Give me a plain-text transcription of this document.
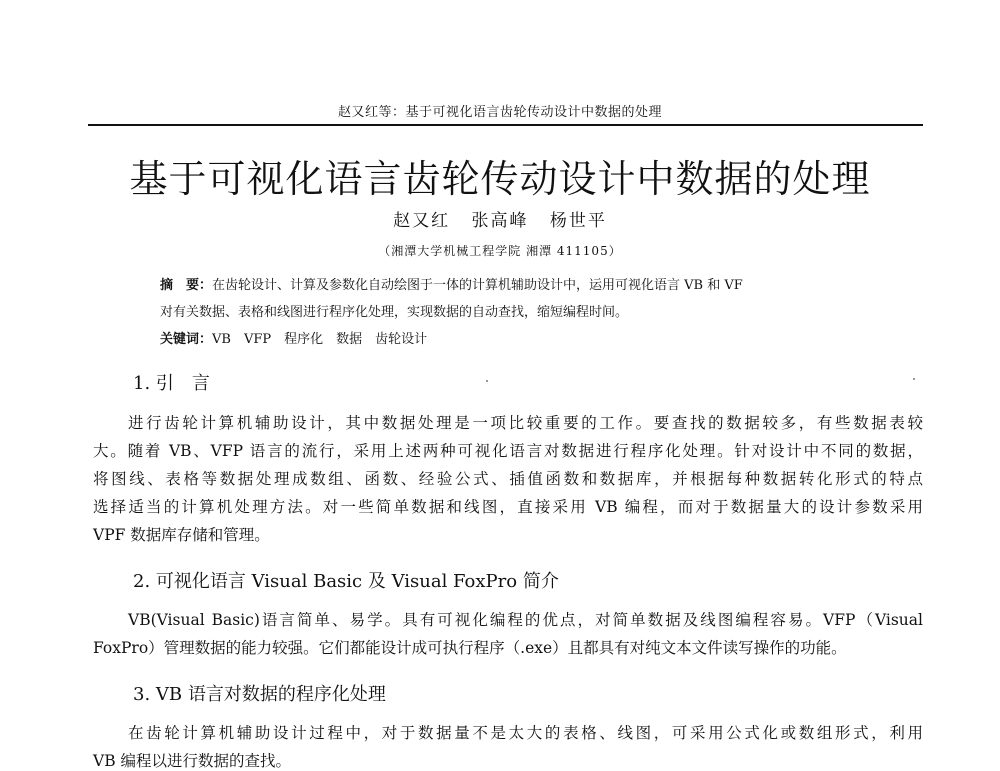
赵又红等：基于可视化语言齿轮传动设计中数据的处理
基于可视化语言齿轮传动设计中数据的处理
赵又红 张高峰 杨世平
（湘潭大学机械工程学院 湘潭 411105）
摘　要：在齿轮设计、计算及参数化自动绘图于一体的计算机辅助设计中，运用可视化语言 VB 和 VF
对有关数据、表格和线图进行程序化处理，实现数据的自动查找，缩短编程时间。
关键词：VB　VFP　程序化　数据　齿轮设计
1. 引　言
进行齿轮计算机辅助设计，其中数据处理是一项比较重要的工作。要查找的数据较多，有些数据表较
大。随着 VB、VFP 语言的流行，采用上述两种可视化语言对数据进行程序化处理。针对设计中不同的数据，
将图线、表格等数据处理成数组、函数、经验公式、插值函数和数据库，并根据每种数据转化形式的特点
选择适当的计算机处理方法。对一些简单数据和线图，直接采用 VB 编程，而对于数据量大的设计参数采用
VPF 数据库存储和管理。
2. 可视化语言 Visual Basic 及 Visual FoxPro 简介
VB(Visual Basic)语言简单、易学。具有可视化编程的优点，对简单数据及线图编程容易。VFP（Visual
FoxPro）管理数据的能力较强。它们都能设计成可执行程序（.exe）且都具有对纯文本文件读写操作的功能。
3. VB 语言对数据的程序化处理
在齿轮计算机辅助设计过程中，对于数据量不是太大的表格、线图，可采用公式化或数组形式，利用
VB 编程以进行数据的查找。
